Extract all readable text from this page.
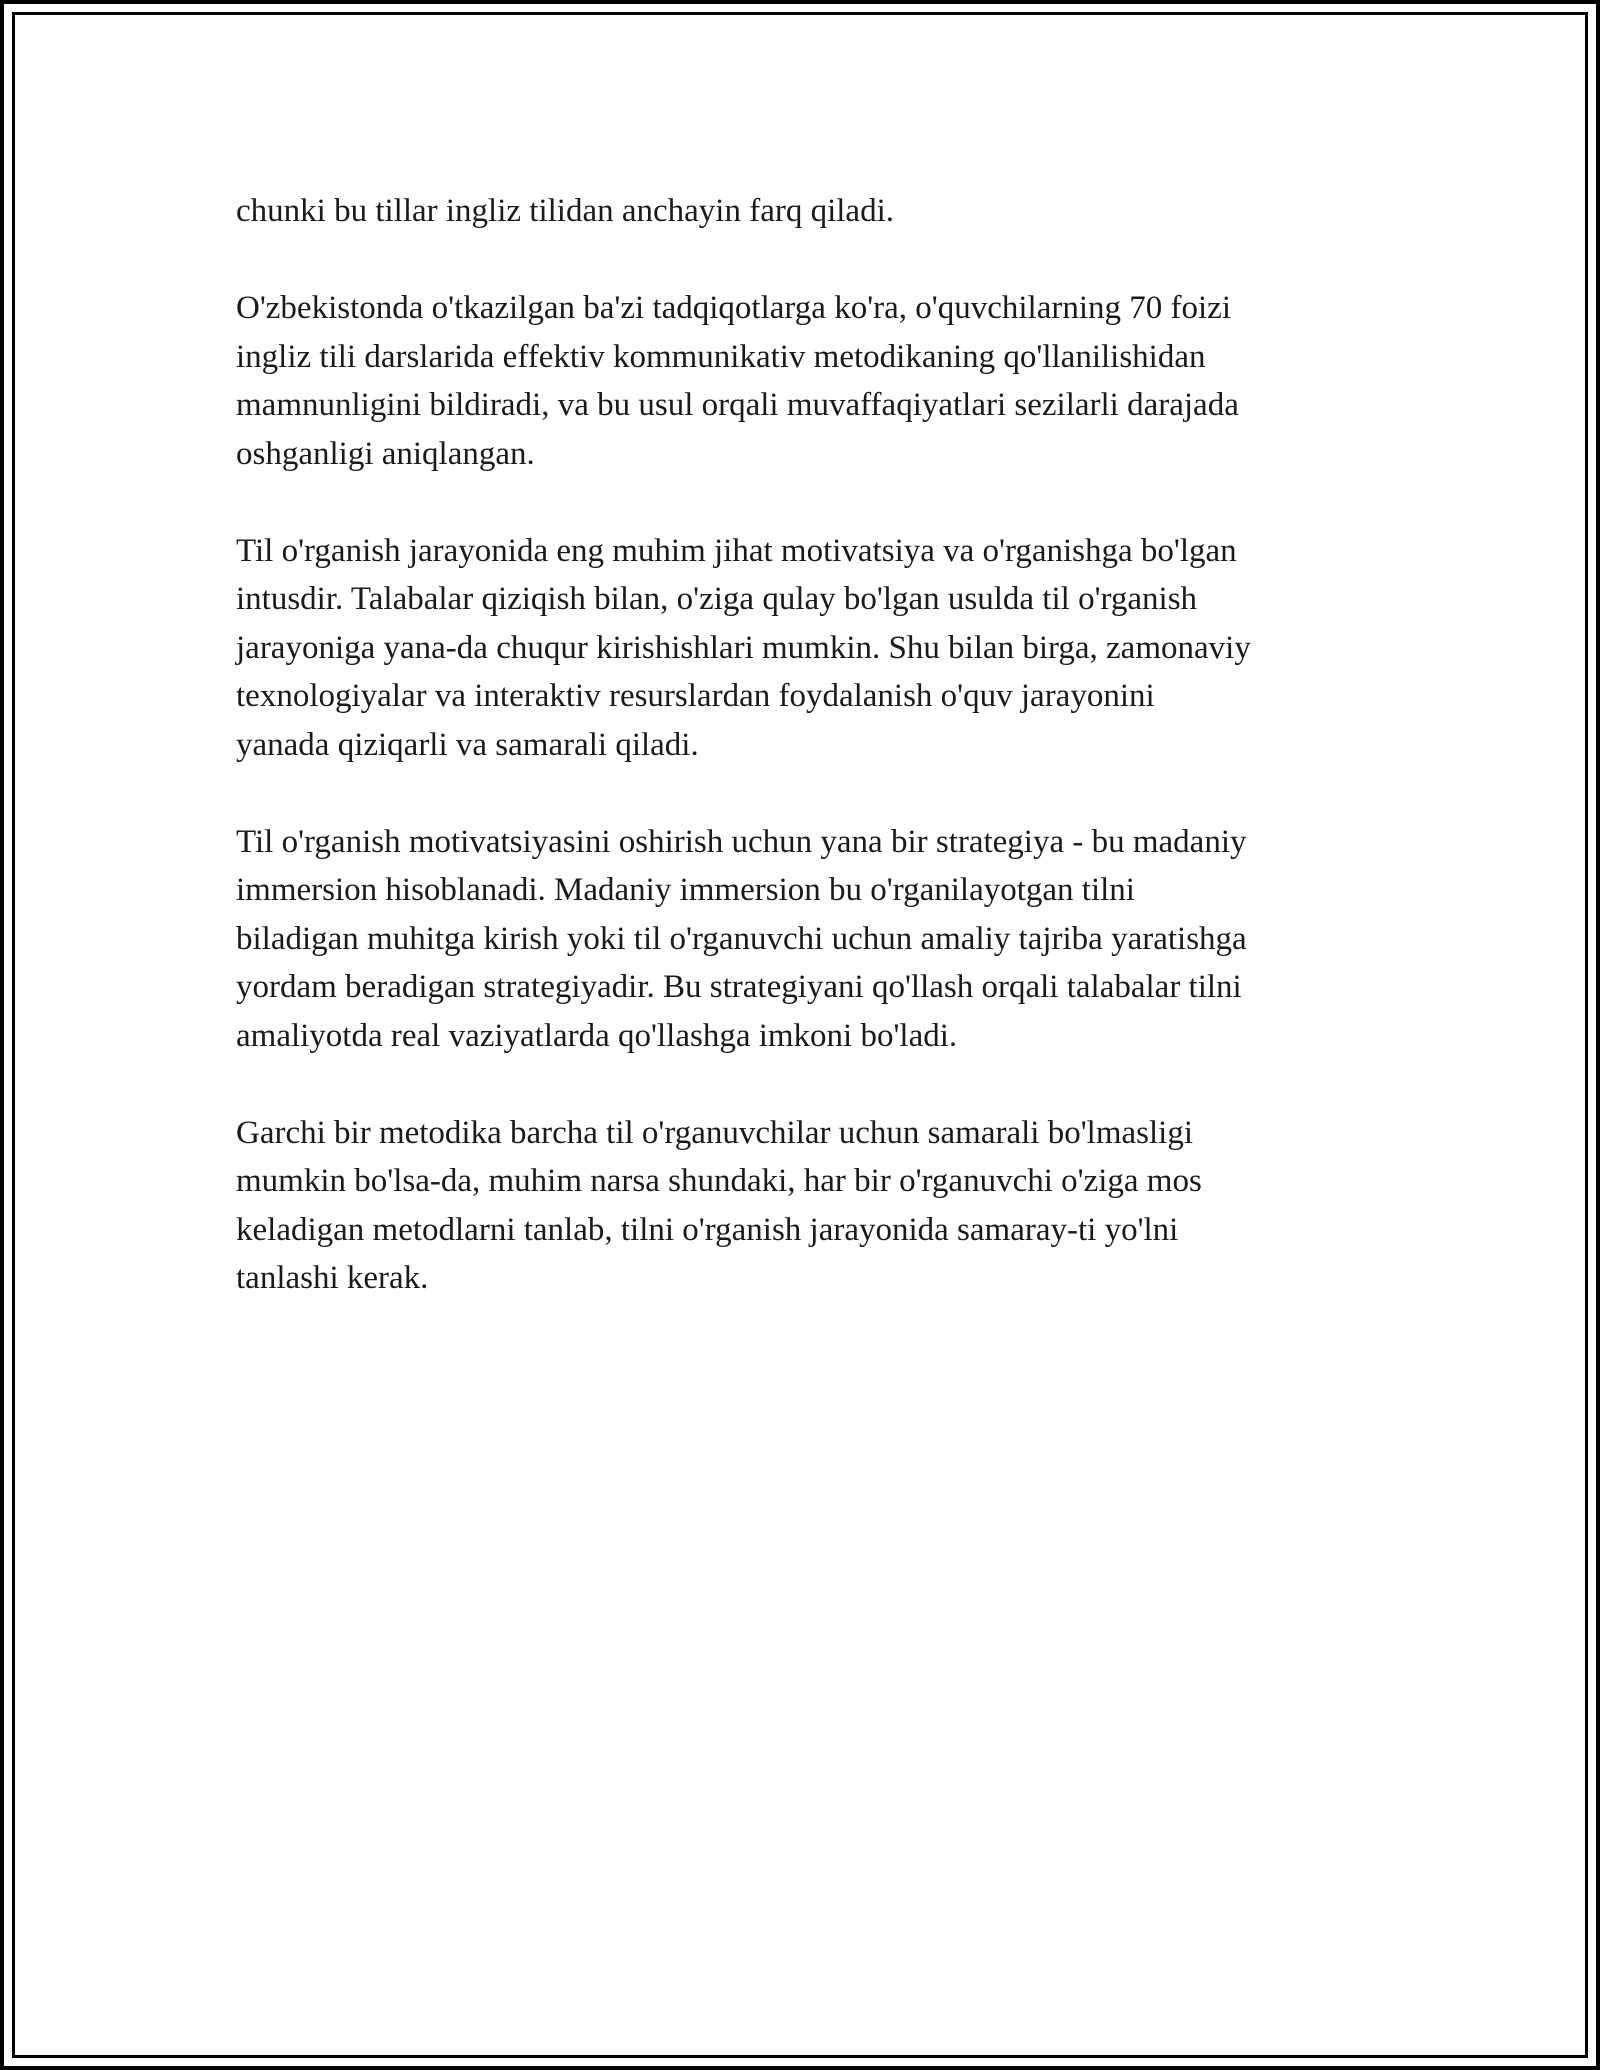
chunki bu tillar ingliz tilidan anchayin farq qiladi.

O'zbekistonda o'tkazilgan ba'zi tadqiqotlarga ko'ra, o'quvchilarning 70 foizi
ingliz tili darslarida effektiv kommunikativ metodikaning qo'llanilishidan
mamnunligini bildiradi, va bu usul orqali muvaffaqiyatlari sezilarli darajada
oshganligi aniqlangan.

Til o'rganish jarayonida eng muhim jihat motivatsiya va o'rganishga bo'lgan
intusdir. Talabalar qiziqish bilan, o'ziga qulay bo'lgan usulda til o'rganish
jarayoniga yana-da chuqur kirishishlari mumkin. Shu bilan birga, zamonaviy
texnologiyalar va interaktiv resurslardan foydalanish o'quv jarayonini
yanada qiziqarli va samarali qiladi.

Til o'rganish motivatsiyasini oshirish uchun yana bir strategiya - bu madaniy
immersion hisoblanadi. Madaniy immersion bu o'rganilayotgan tilni
biladigan muhitga kirish yoki til o'rganuvchi uchun amaliy tajriba yaratishga
yordam beradigan strategiyadir. Bu strategiyani qo'llash orqali talabalar tilni
amaliyotda real vaziyatlarda qo'llashga imkoni bo'ladi.

Garchi bir metodika barcha til o'rganuvchilar uchun samarali bo'lmasligi
mumkin bo'lsa-da, muhim narsa shundaki, har bir o'rganuvchi o'ziga mos
keladigan metodlarni tanlab, tilni o'rganish jarayonida samaray-ti yo'lni
tanlashi kerak.
